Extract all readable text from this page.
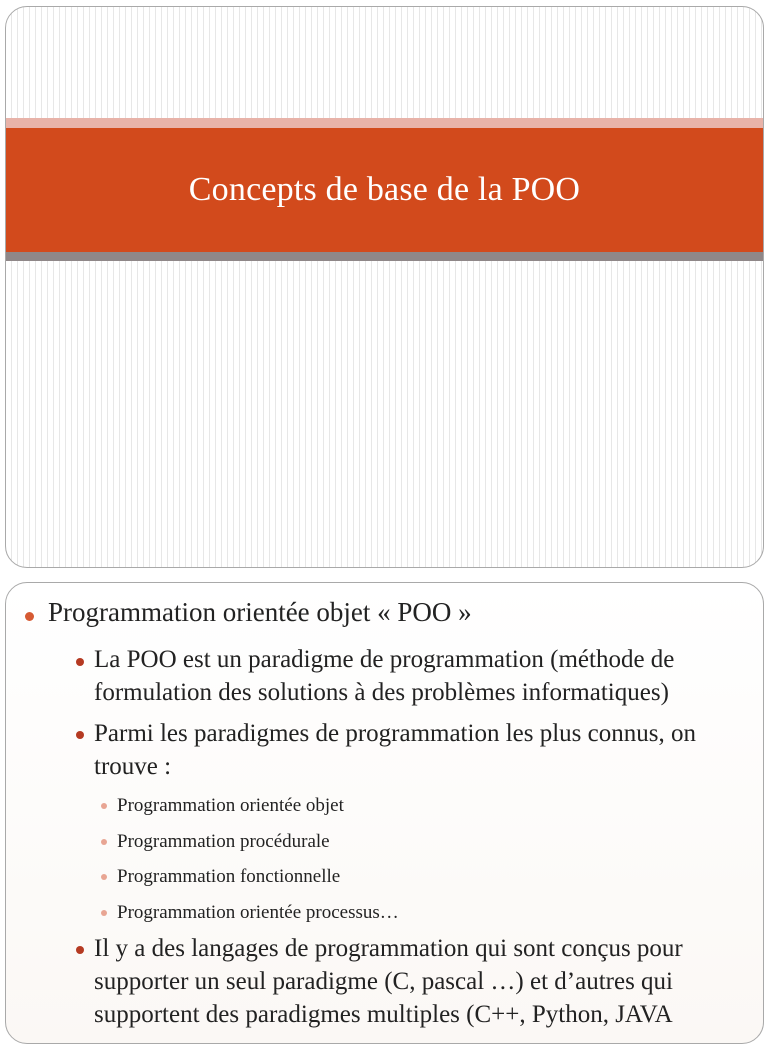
Concepts de base de la POO
Programmation orientée objet « POO »
La POO est un paradigme de programmation (méthode de formulation des solutions à des problèmes informatiques)
Parmi les paradigmes de programmation les plus connus, on trouve :
Programmation orientée objet
Programmation procédurale
Programmation fonctionnelle
Programmation orientée processus…
Il y a des langages de programmation qui sont conçus pour supporter un seul paradigme (C, pascal …) et d’autres qui supportent des paradigmes multiples (C++, Python, JAVA
